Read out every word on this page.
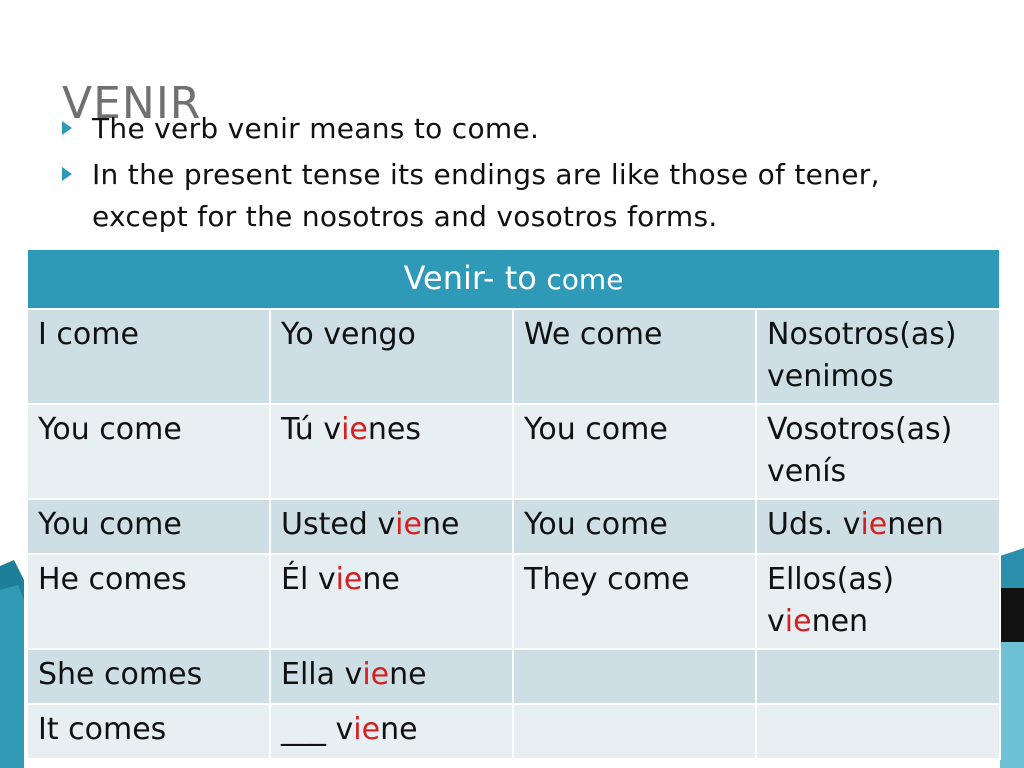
VENIR
The verb venir means to come.
In the present tense its endings are like those of tener, except for the nosotros and vosotros forms.
Venir- to come			
I come	Yo vengo	We come	Nosotros(as) venimos
You come	Tú vienes	You come	Vosotros(as) venís
You come	Usted viene	You come	Uds. vienen
He comes	Él viene	They come	Ellos(as) vienen
She comes	Ella viene		
It comes	___ viene		
